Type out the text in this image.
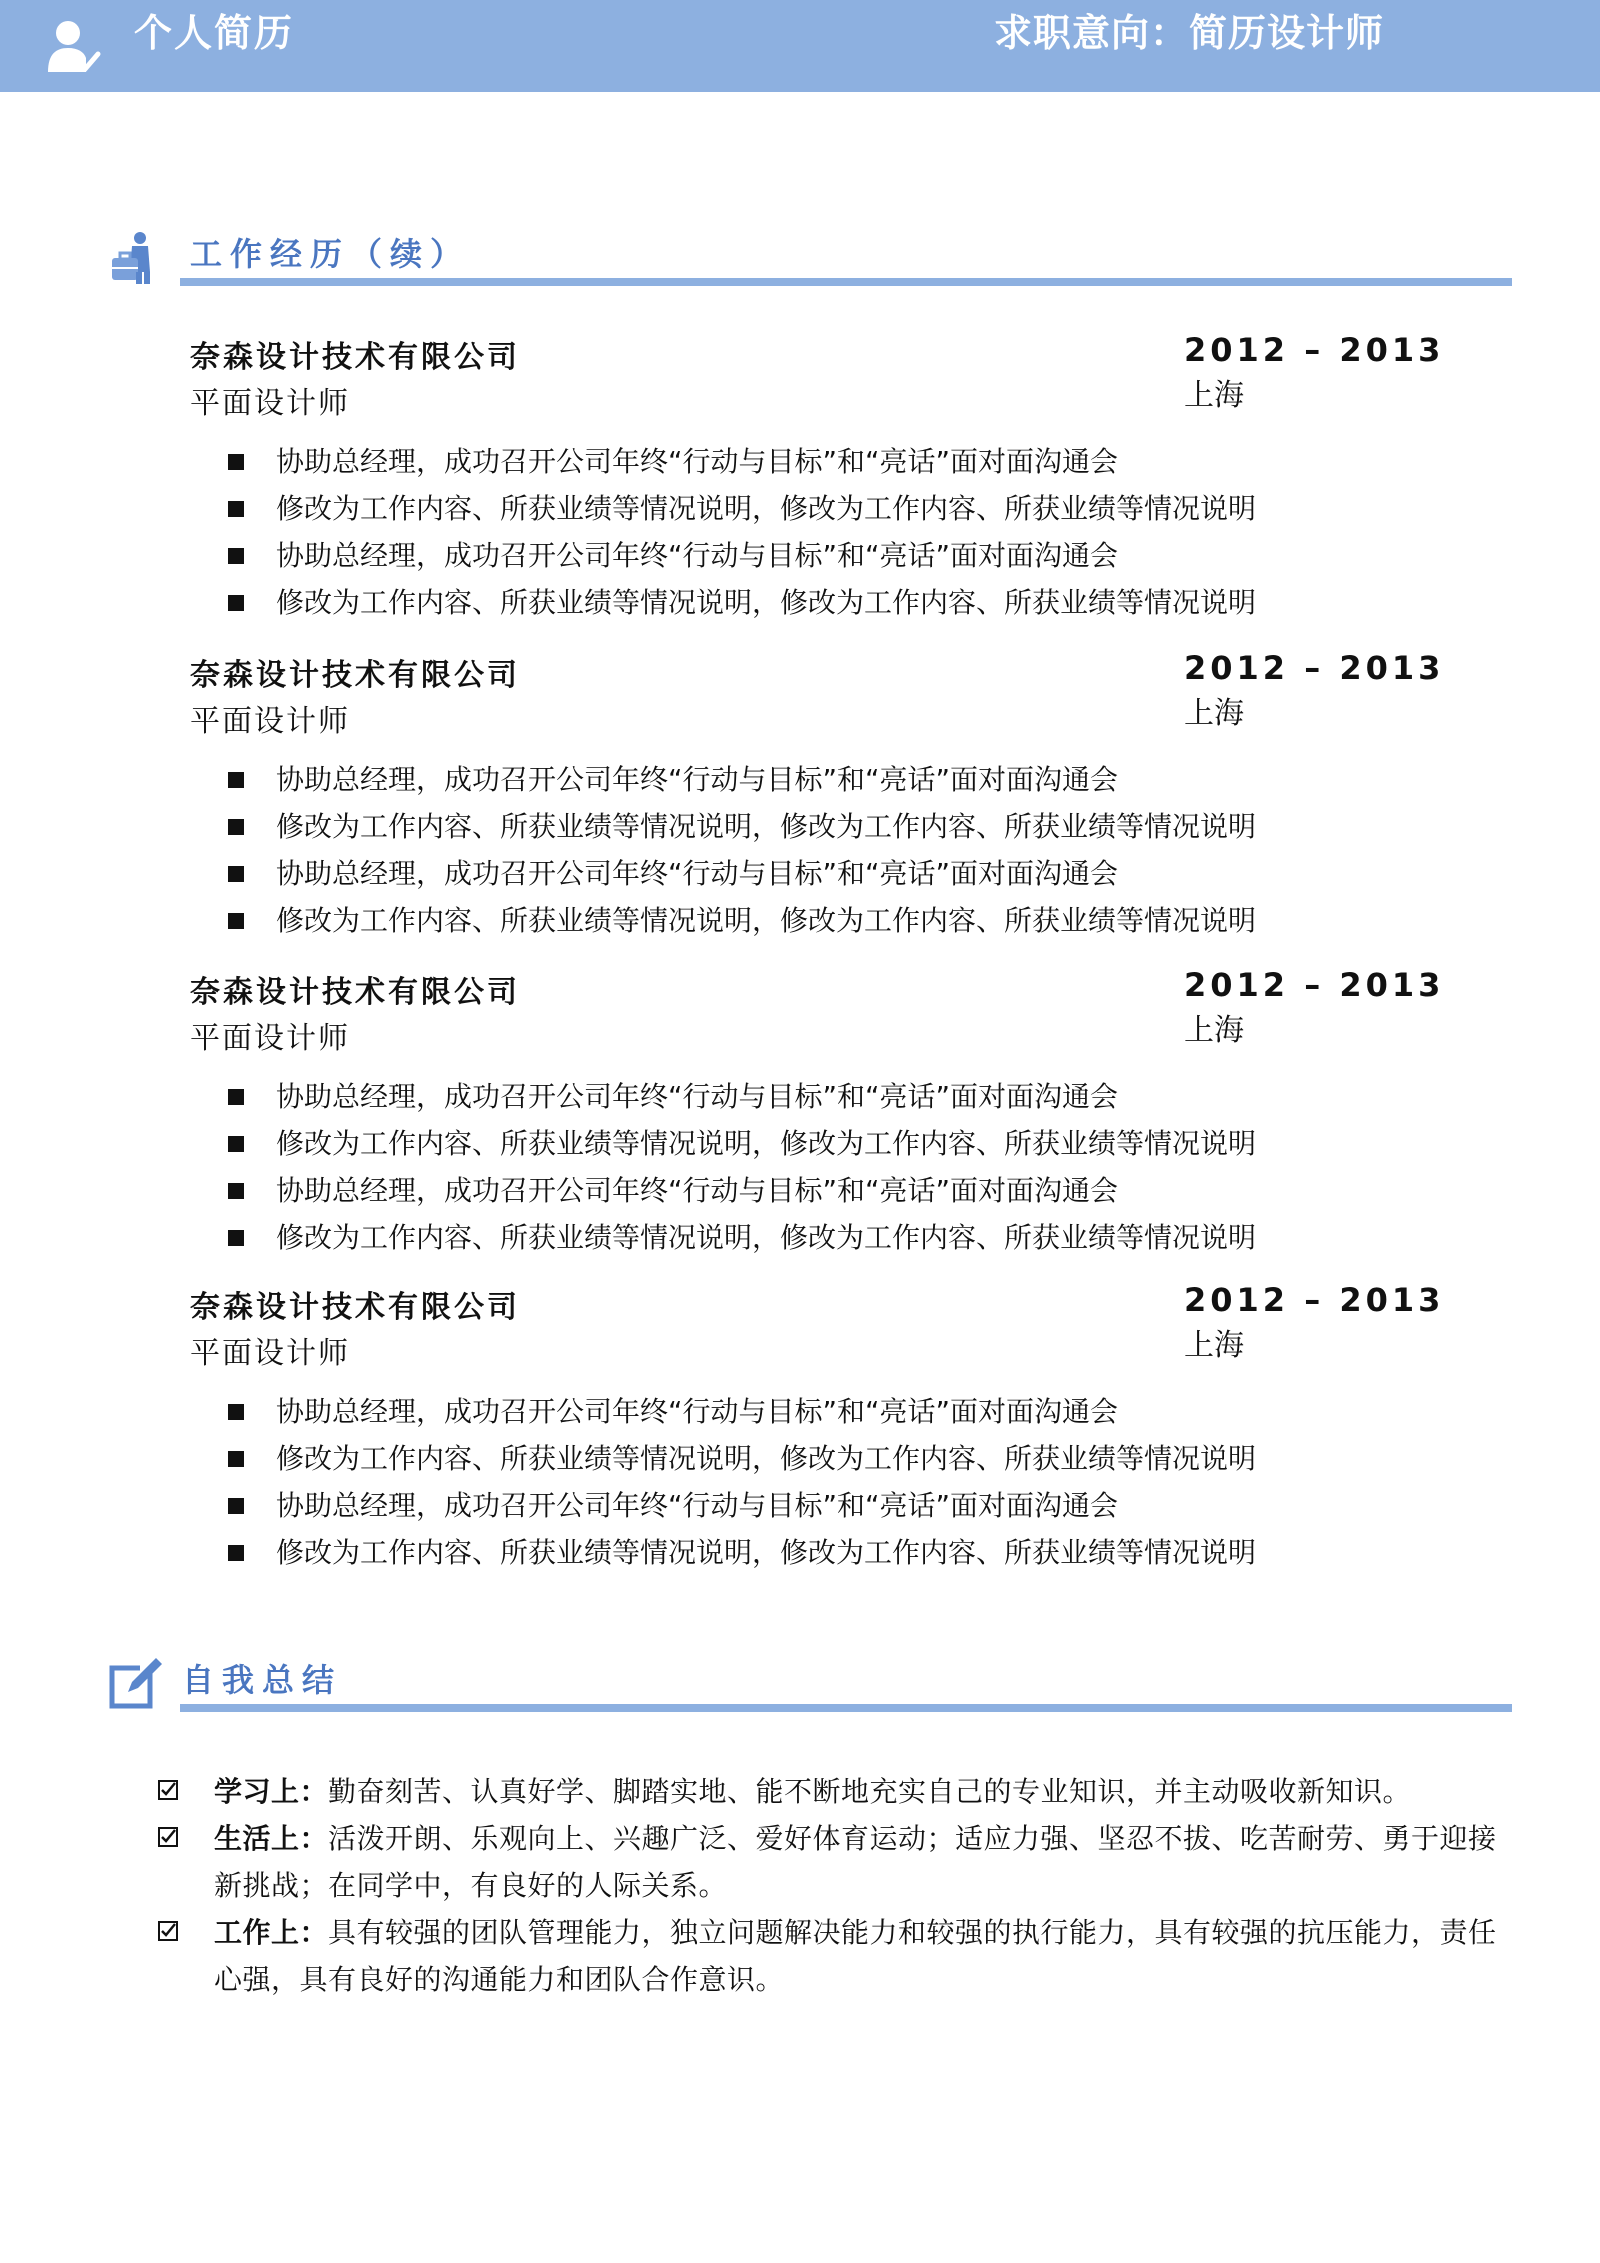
个人简历	求职意向：简历设计师
工作经历（续）
奈森设计技术有限公司
平面设计师
2012 – 2013
上海
协助总经理，成功召开公司年终“行动与目标”和“亮话”面对面沟通会
修改为工作内容、所获业绩等情况说明，修改为工作内容、所获业绩等情况说明
协助总经理，成功召开公司年终“行动与目标”和“亮话”面对面沟通会
修改为工作内容、所获业绩等情况说明，修改为工作内容、所获业绩等情况说明
奈森设计技术有限公司
平面设计师
2012 – 2013
上海
协助总经理，成功召开公司年终“行动与目标”和“亮话”面对面沟通会
修改为工作内容、所获业绩等情况说明，修改为工作内容、所获业绩等情况说明
协助总经理，成功召开公司年终“行动与目标”和“亮话”面对面沟通会
修改为工作内容、所获业绩等情况说明，修改为工作内容、所获业绩等情况说明
奈森设计技术有限公司
平面设计师
2012 – 2013
上海
协助总经理，成功召开公司年终“行动与目标”和“亮话”面对面沟通会
修改为工作内容、所获业绩等情况说明，修改为工作内容、所获业绩等情况说明
协助总经理，成功召开公司年终“行动与目标”和“亮话”面对面沟通会
修改为工作内容、所获业绩等情况说明，修改为工作内容、所获业绩等情况说明
奈森设计技术有限公司
平面设计师
2012 – 2013
上海
协助总经理，成功召开公司年终“行动与目标”和“亮话”面对面沟通会
修改为工作内容、所获业绩等情况说明，修改为工作内容、所获业绩等情况说明
协助总经理，成功召开公司年终“行动与目标”和“亮话”面对面沟通会
修改为工作内容、所获业绩等情况说明，修改为工作内容、所获业绩等情况说明
自我总结

学习上：勤奋刻苦、认真好学、脚踏实地、能不断地充实自己的专业知识，并主动吸收新知识。

生活上：活泼开朗、乐观向上、兴趣广泛、爱好体育运动；适应力强、坚忍不拔、吃苦耐劳、勇于迎接新挑战；在同学中，有良好的人际关系。

工作上：具有较强的团队管理能力，独立问题解决能力和较强的执行能力，具有较强的抗压能力，责任心强，具有良好的沟通能力和团队合作意识。
